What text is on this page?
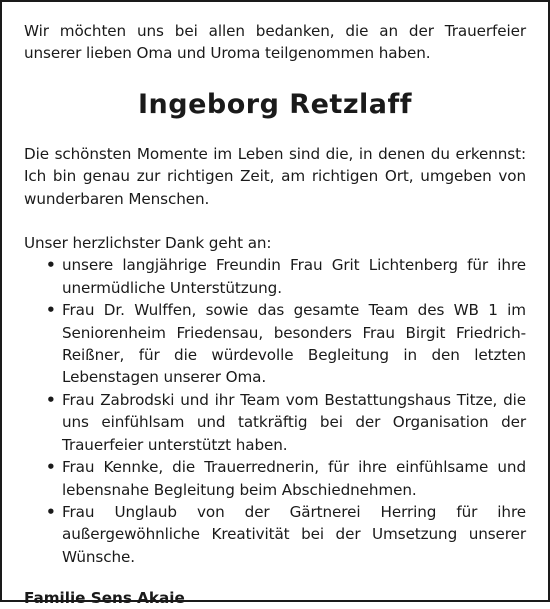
Wir möchten uns bei allen bedanken, die an der Trauerfeier unserer lieben Oma und Uroma teilgenommen haben.

Ingeborg Retzlaff

Die schönsten Momente im Leben sind die, in denen du erkennst: Ich bin genau zur richtigen Zeit, am richtigen Ort, umgeben von wunderbaren Menschen.

Unser herzlichster Dank geht an:

• unsere langjährige Freundin Frau Grit Lichtenberg für ihre unermüdliche Unterstützung.
• Frau Dr. Wulffen, sowie das gesamte Team des WB 1 im Seniorenheim Friedensau, besonders Frau Birgit Friedrich-Reißner, für die würdevolle Begleitung in den letzten Lebenstagen unserer Oma.
• Frau Zabrodski und ihr Team vom Bestattungshaus Titze, die uns einfühlsam und tatkräftig bei der Organisation der Trauerfeier unterstützt haben.
• Frau Kennke, die Trauerrednerin, für ihre einfühlsame und lebensnahe Begleitung beim Abschiednehmen.
• Frau Unglaub von der Gärtnerei Herring für ihre außergewöhnliche Kreativität bei der Umsetzung unserer Wünsche.
Familie Sens Akaie
